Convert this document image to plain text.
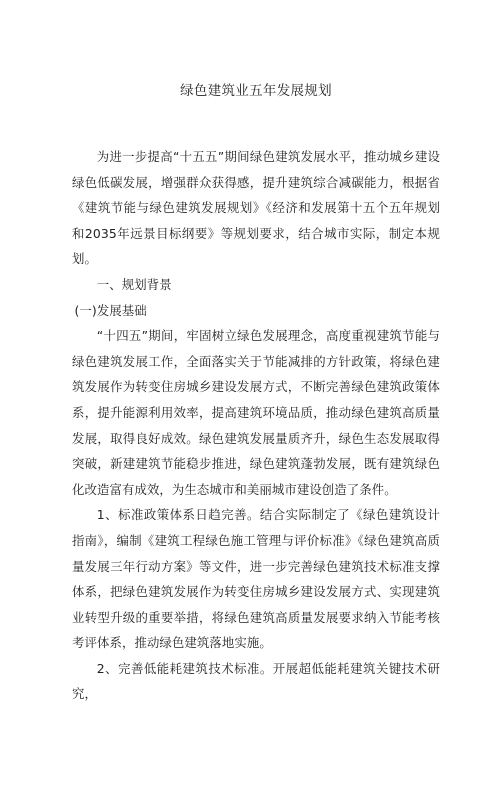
绿色建筑业五年发展规划

为进一步提高“十五五”期间绿色建筑发展水平，推动城乡建设绿色低碳发展，增强群众获得感，提升建筑综合减碳能力，根据省《建筑节能与绿色建筑发展规划》《经济和发展第十五个五年规划和2035年远景目标纲要》等规划要求，结合城市实际，制定本规划。

一、规划背景

(一)发展基础

“十四五”期间，牢固树立绿色发展理念，高度重视建筑节能与绿色建筑发展工作，全面落实关于节能减排的方针政策，将绿色建筑发展作为转变住房城乡建设发展方式，不断完善绿色建筑政策体系，提升能源利用效率，提高建筑环境品质，推动绿色建筑高质量发展，取得良好成效。绿色建筑发展量质齐升，绿色生态发展取得突破，新建建筑节能稳步推进，绿色建筑蓬勃发展，既有建筑绿色化改造富有成效，为生态城市和美丽城市建设创造了条件。

1、标准政策体系日趋完善。结合实际制定了《绿色建筑设计指南》，编制《建筑工程绿色施工管理与评价标准》《绿色建筑高质量发展三年行动方案》等文件，进一步完善绿色建筑技术标准支撑体系，把绿色建筑发展作为转变住房城乡建设发展方式、实现建筑业转型升级的重要举措，将绿色建筑高质量发展要求纳入节能考核考评体系，推动绿色建筑落地实施。

2、完善低能耗建筑技术标准。开展超低能耗建筑关键技术研究，
